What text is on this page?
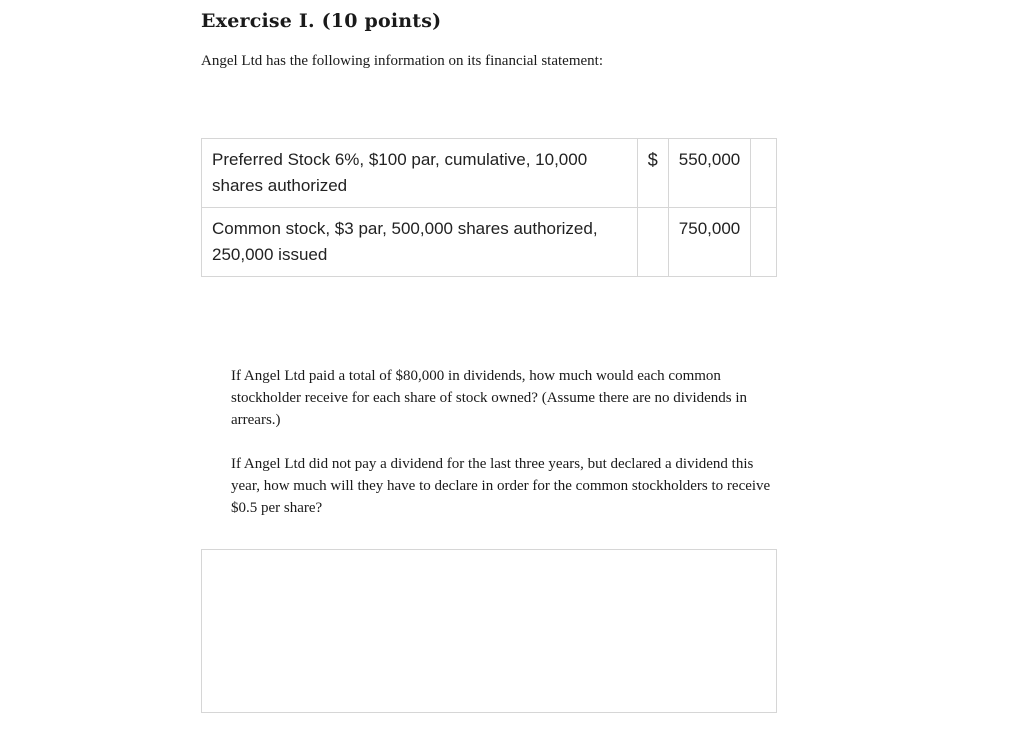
Exercise I. (10 points)

Angel Ltd has the following information on its financial statement:

Preferred Stock 6%, $100 par, cumulative, 10,000 shares authorized	$	550,000	
Common stock, $3 par, 500,000 shares authorized, 250,000 issued		750,000	

If Angel Ltd paid a total of $80,000 in dividends, how much would each common stockholder receive for each share of stock owned? (Assume there are no dividends in arrears.)

If Angel Ltd did not pay a dividend for the last three years, but declared a dividend this year, how much will they have to declare in order for the common stockholders to receive $0.5 per share?
